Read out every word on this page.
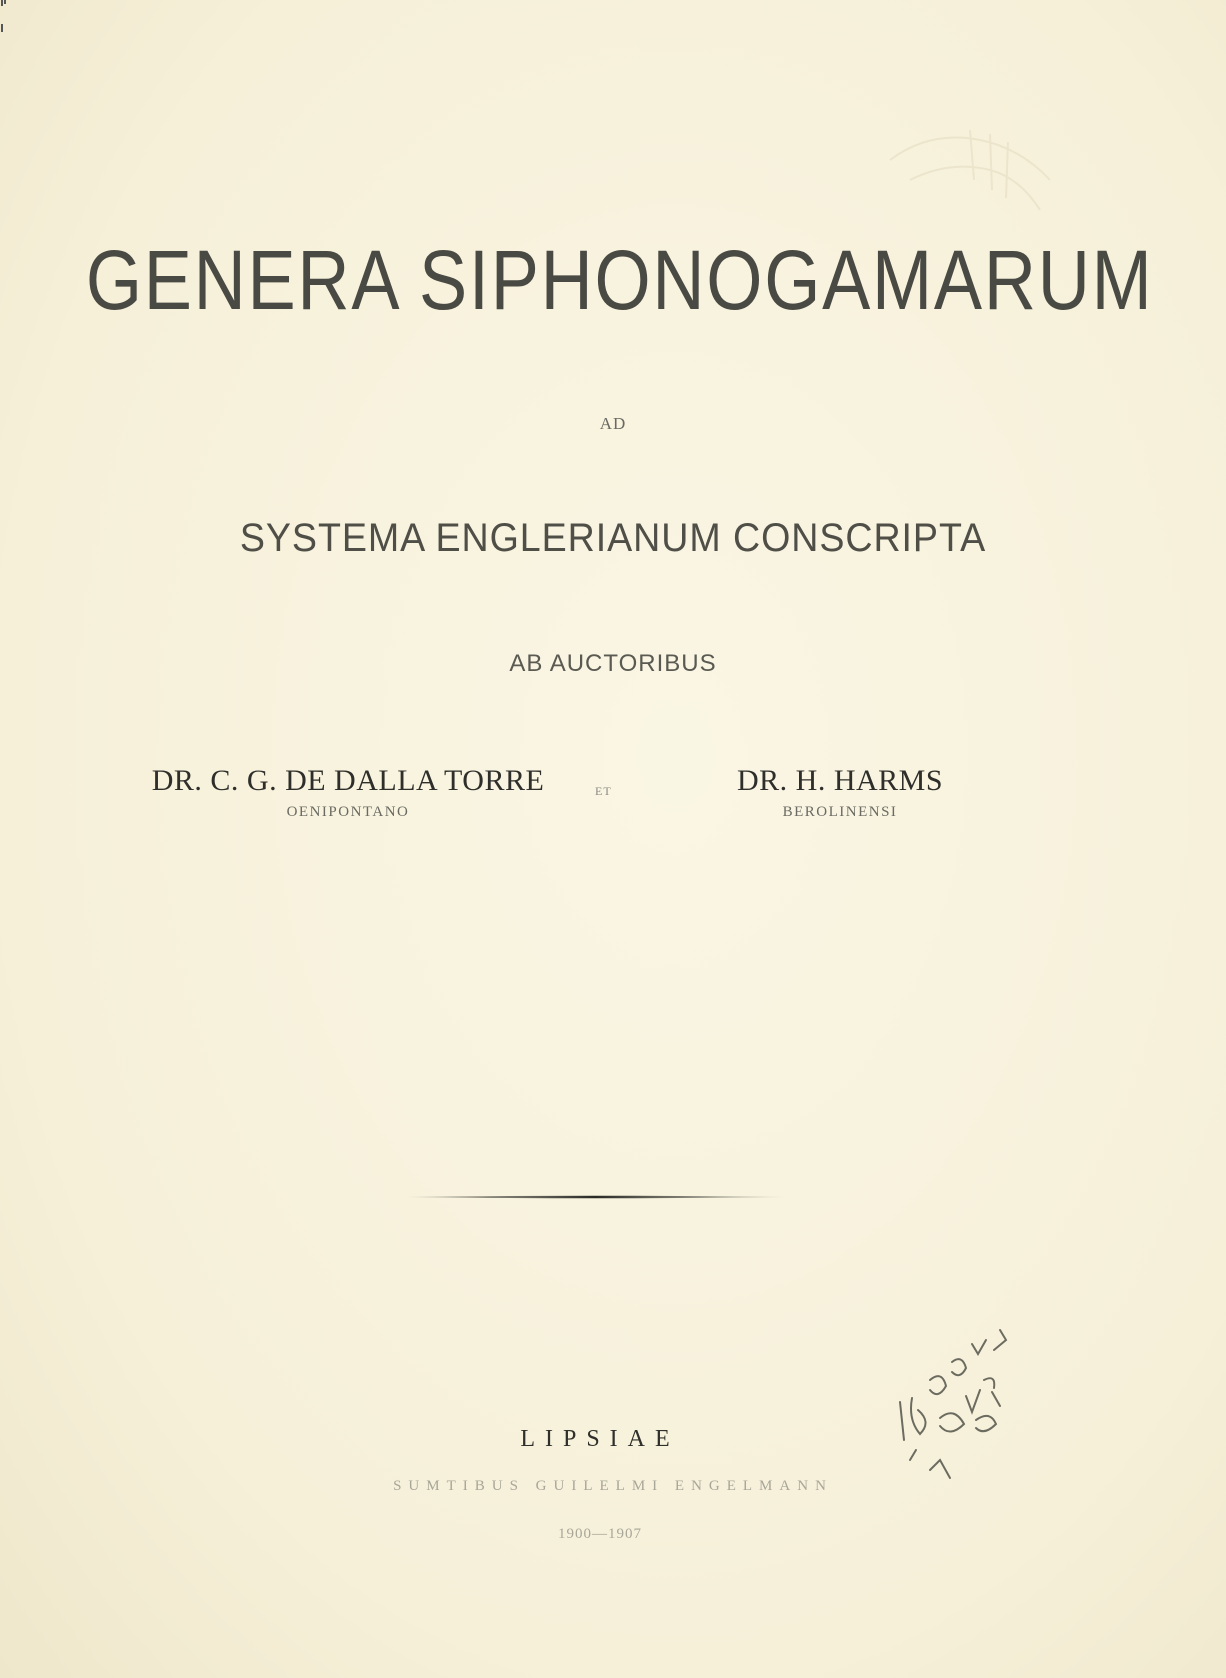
GENERA SIPHONOGAMARUM
AD
SYSTEMA ENGLERIANUM CONSCRIPTA
AB AUCTORIBUS
DR. C. G. DE DALLA TORRE
OENIPONTANO
ET	DR. H. HARMS
BEROLINENSI
LIPSIAE
SUMTIBUS GUILELMI ENGELMANN
1900—1907
